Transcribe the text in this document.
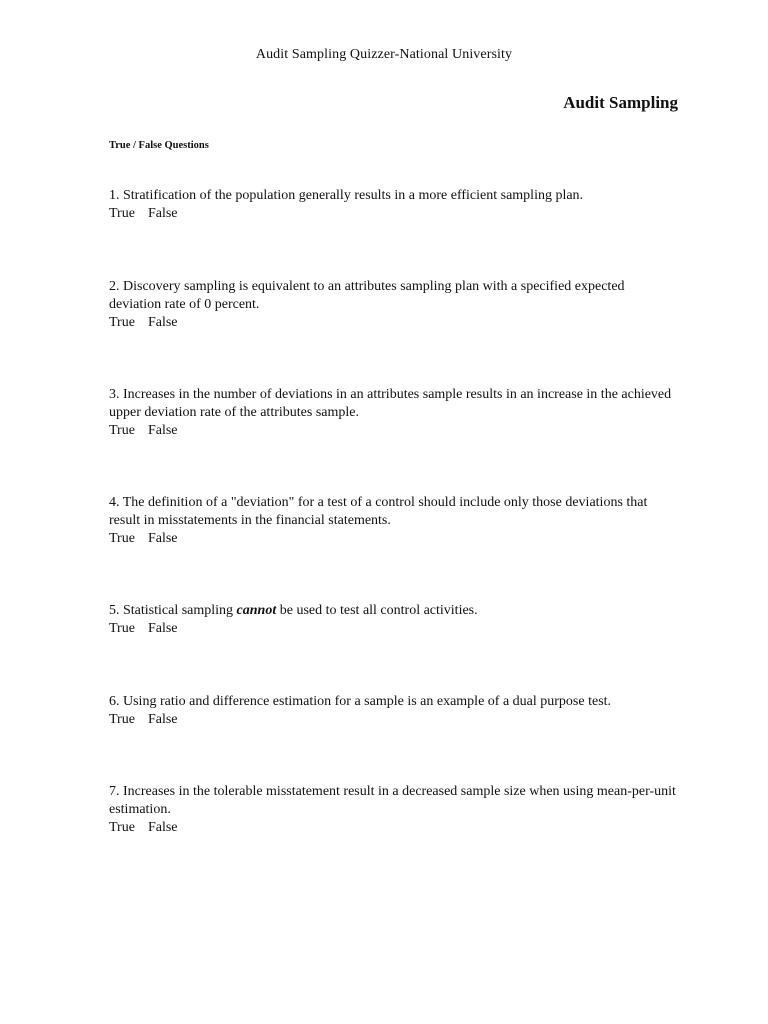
Audit Sampling Quizzer-National University
Audit Sampling
True / False Questions
1. Stratification of the population generally results in a more efficient sampling plan.
True False
2. Discovery sampling is equivalent to an attributes sampling plan with a specified expected deviation rate of 0 percent.
True False
3. Increases in the number of deviations in an attributes sample results in an increase in the achieved upper deviation rate of the attributes sample.
True False
4. The definition of a "deviation" for a test of a control should include only those deviations that result in misstatements in the financial statements.
True False
5. Statistical sampling cannot be used to test all control activities.
True False
6. Using ratio and difference estimation for a sample is an example of a dual purpose test.
True False
7. Increases in the tolerable misstatement result in a decreased sample size when using mean-per-unit estimation.
True False
